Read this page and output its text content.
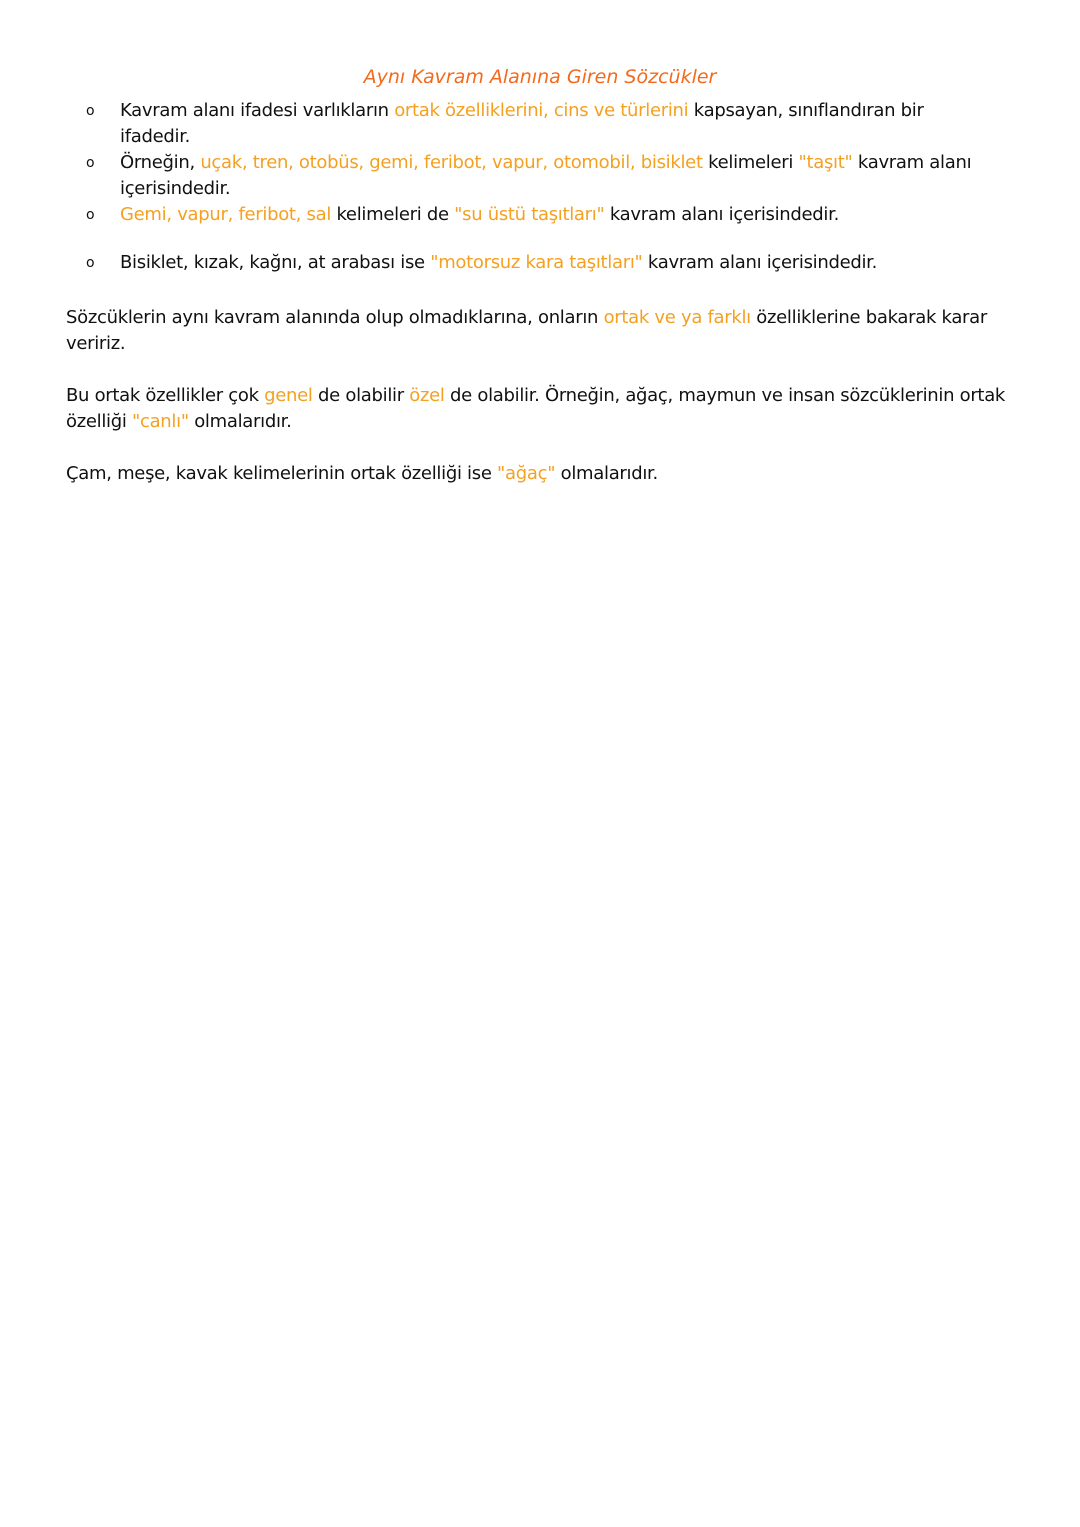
Aynı Kavram Alanına Giren Sözcükler
o Kavram alanı ifadesi varlıkların ortak özelliklerini, cins ve türlerini kapsayan, sınıflandıran bir ifadedir.
o Örneğin, uçak, tren, otobüs, gemi, feribot, vapur, otomobil, bisiklet kelimeleri "taşıt" kavram alanı içerisindedir.
o Gemi, vapur, feribot, sal kelimeleri de "su üstü taşıtları" kavram alanı içerisindedir.
o Bisiklet, kızak, kağnı, at arabası ise "motorsuz kara taşıtları" kavram alanı içerisindedir.

Sözcüklerin aynı kavram alanında olup olmadıklarına, onların ortak ve ya farklı özelliklerine bakarak karar veririz.

Bu ortak özellikler çok genel de olabilir özel de olabilir. Örneğin, ağaç, maymun ve insan sözcüklerinin ortak özelliği "canlı" olmalarıdır.

Çam, meşe, kavak kelimelerinin ortak özelliği ise "ağaç" olmalarıdır.
